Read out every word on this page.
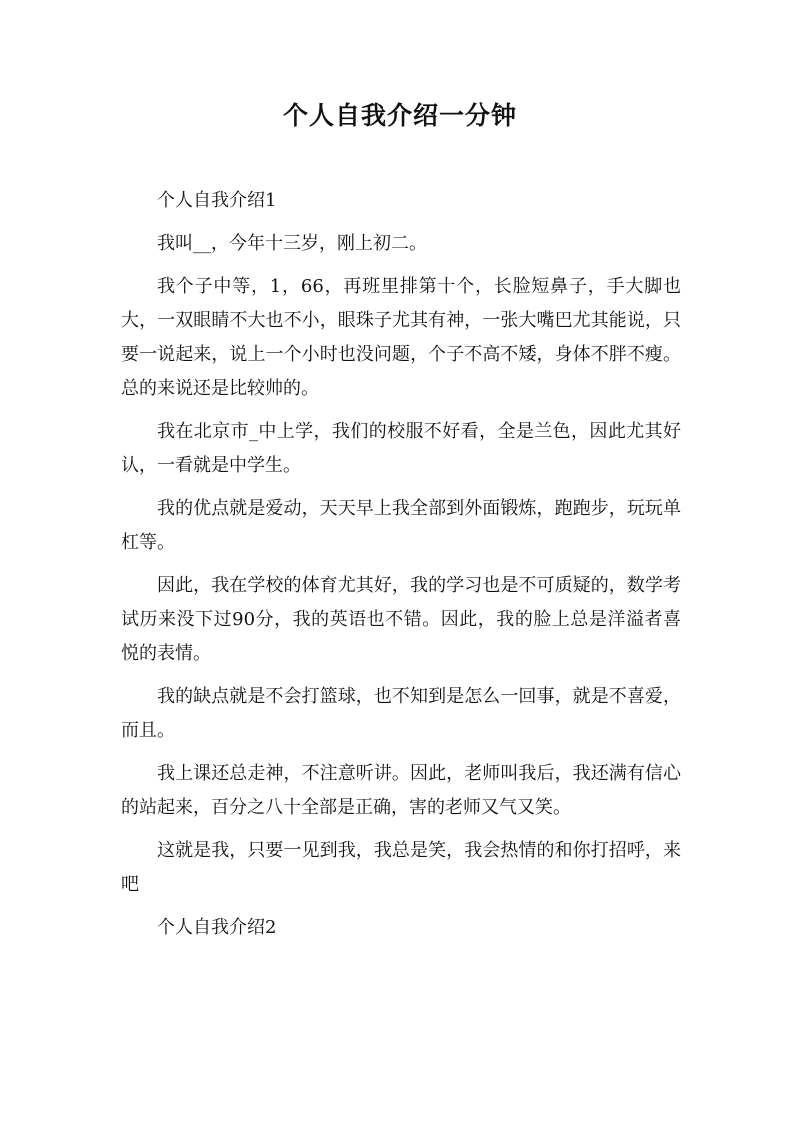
个人自我介绍一分钟

个人自我介绍1

我叫__，今年十三岁，刚上初二。

我个子中等，1，66，再班里排第十个，长脸短鼻子，手大脚也大，一双眼睛不大也不小，眼珠子尤其有神，一张大嘴巴尤其能说，只要一说起来，说上一个小时也没问题，个子不高不矮，身体不胖不瘦。总的来说还是比较帅的。

我在北京市_中上学，我们的校服不好看，全是兰色，因此尤其好认，一看就是中学生。

我的优点就是爱动，天天早上我全部到外面锻炼，跑跑步，玩玩单杠等。

因此，我在学校的体育尤其好，我的学习也是不可质疑的，数学考试历来没下过90分，我的英语也不错。因此，我的脸上总是洋溢者喜悦的表情。

我的缺点就是不会打篮球，也不知到是怎么一回事，就是不喜爱，而且。

我上课还总走神，不注意听讲。因此，老师叫我后，我还满有信心的站起来，百分之八十全部是正确，害的老师又气又笑。

这就是我，只要一见到我，我总是笑，我会热情的和你打招呼，来吧

个人自我介绍2
